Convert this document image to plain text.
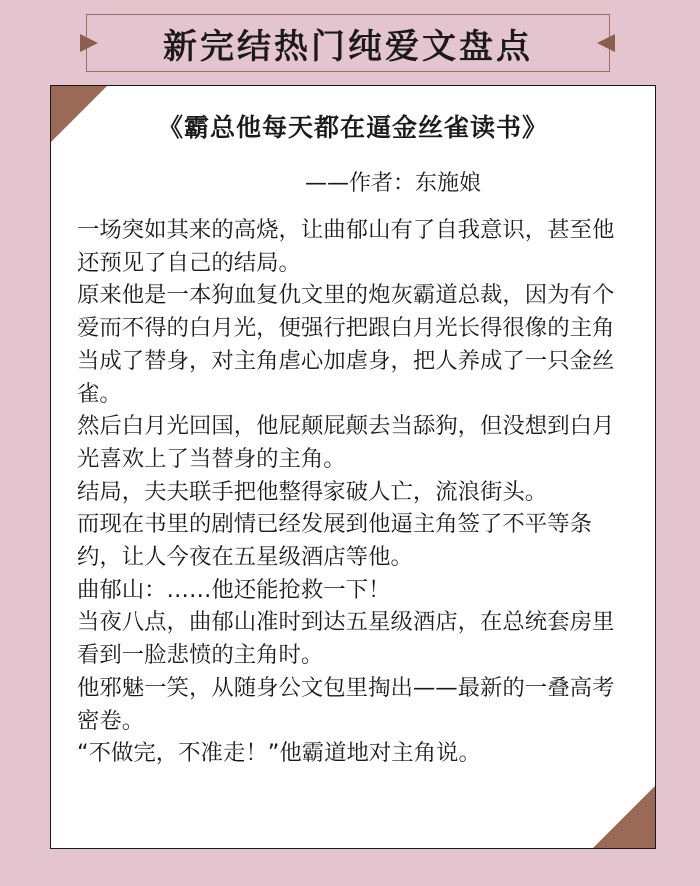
新完结热门纯爱文盘点
《霸总他每天都在逼金丝雀读书》
——作者：东施娘

一场突如其来的高烧，让曲郁山有了自我意识，甚至他还预见了自己的结局。

原来他是一本狗血复仇文里的炮灰霸道总裁，因为有个爱而不得的白月光，便强行把跟白月光长得很像的主角当成了替身，对主角虐心加虐身，把人养成了一只金丝雀。

然后白月光回国，他屁颠屁颠去当舔狗，但没想到白月光喜欢上了当替身的主角。

结局，夫夫联手把他整得家破人亡，流浪街头。

而现在书里的剧情已经发展到他逼主角签了不平等条约，让人今夜在五星级酒店等他。

曲郁山：……他还能抢救一下！

当夜八点，曲郁山准时到达五星级酒店，在总统套房里看到一脸悲愤的主角时。

他邪魅一笑，从随身公文包里掏出——最新的一叠高考密卷。

“不做完，不准走！”他霸道地对主角说。
